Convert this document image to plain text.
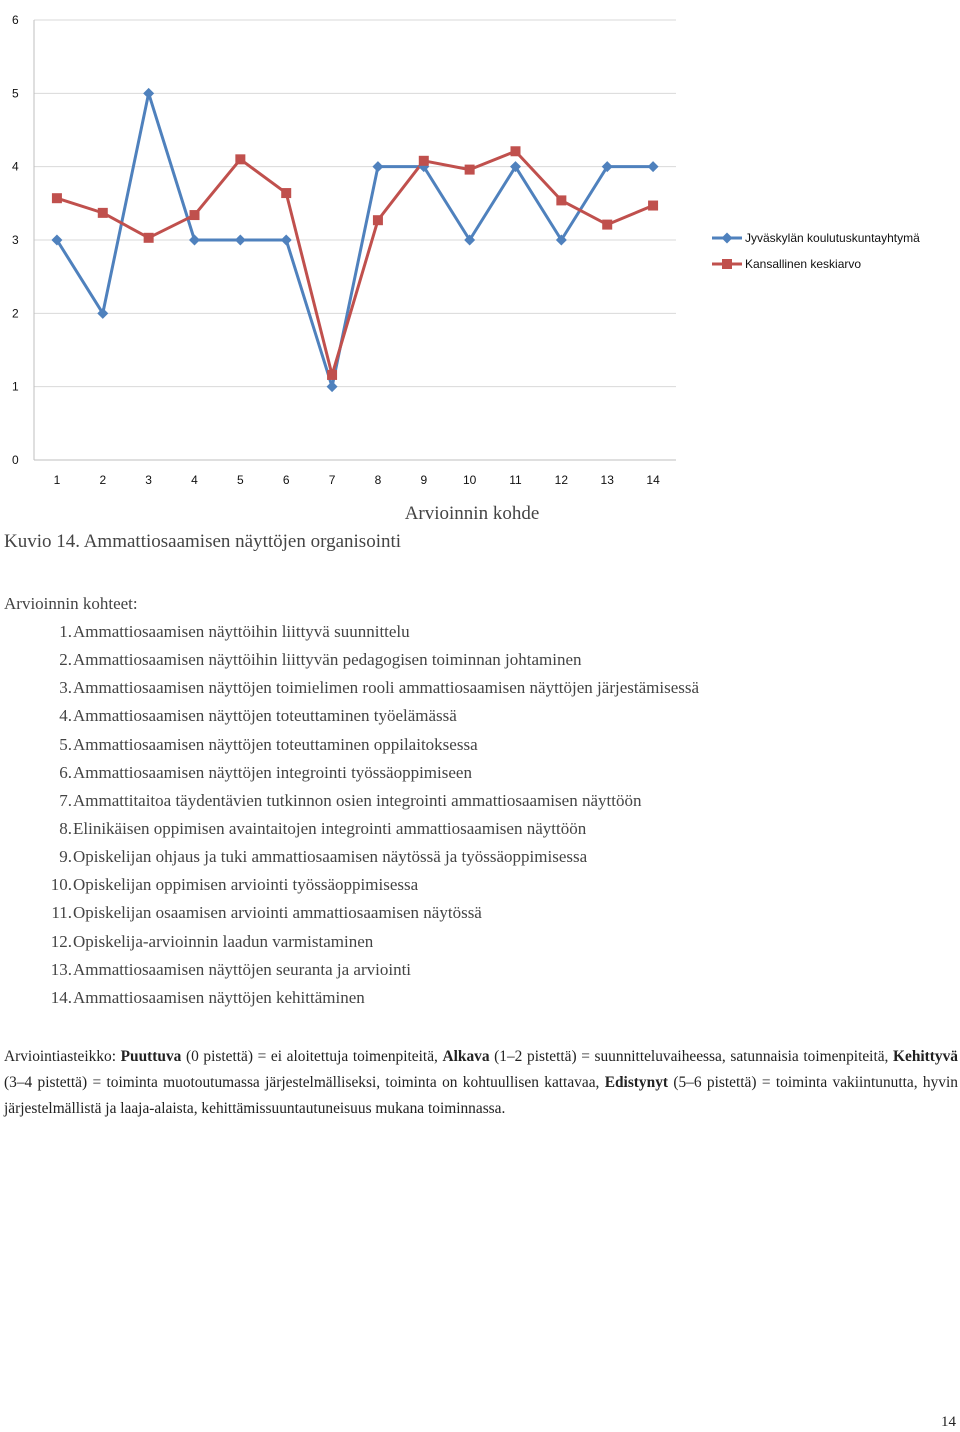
0
1
2
3
4
5
6
1	2	3	4	5	6	7	8	9	10	11	12	13	14
Arvioinnin kohde
Jyväskylän koulutuskuntayhtymä
Kansallinen keskiarvo
Kuvio 14. Ammattiosaamisen näyttöjen organisointi

Arvioinnin kohteet:

1.Ammattiosaamisen näyttöihin liittyvä suunnittelu
2.Ammattiosaamisen näyttöihin liittyvän pedagogisen toiminnan johtaminen
3.Ammattiosaamisen näyttöjen toimielimen rooli ammattiosaamisen näyttöjen järjestämisessä
4.Ammattiosaamisen näyttöjen toteuttaminen työelämässä
5.Ammattiosaamisen näyttöjen toteuttaminen oppilaitoksessa
6.Ammattiosaamisen näyttöjen integrointi työssäoppimiseen
7.Ammattitaitoa täydentävien tutkinnon osien integrointi ammattiosaamisen näyttöön
8.Elinikäisen oppimisen avaintaitojen integrointi ammattiosaamisen näyttöön
9.Opiskelijan ohjaus ja tuki ammattiosaamisen näytössä ja työssäoppimisessa
10.Opiskelijan oppimisen arviointi työssäoppimisessa
11.Opiskelijan osaamisen arviointi ammattiosaamisen näytössä
12.Opiskelija-arvioinnin laadun varmistaminen
13.Ammattiosaamisen näyttöjen seuranta ja arviointi
14.Ammattiosaamisen näyttöjen kehittäminen

Arviointiasteikko: Puuttuva (0 pistettä) = ei aloitettuja toimenpiteitä, Alkava (1–2 pistettä) = suunnitteluvaiheessa, satunnaisia toimenpiteitä, Kehittyvä (3–4 pistettä) = toiminta muotoutumassa järjestelmälliseksi, toiminta on kohtuullisen kattavaa, Edistynyt (5–6 pistettä) = toiminta vakiintunutta, hyvin järjestelmällistä ja laaja-alaista, kehittämissuuntautuneisuus mukana toiminnassa.

14
